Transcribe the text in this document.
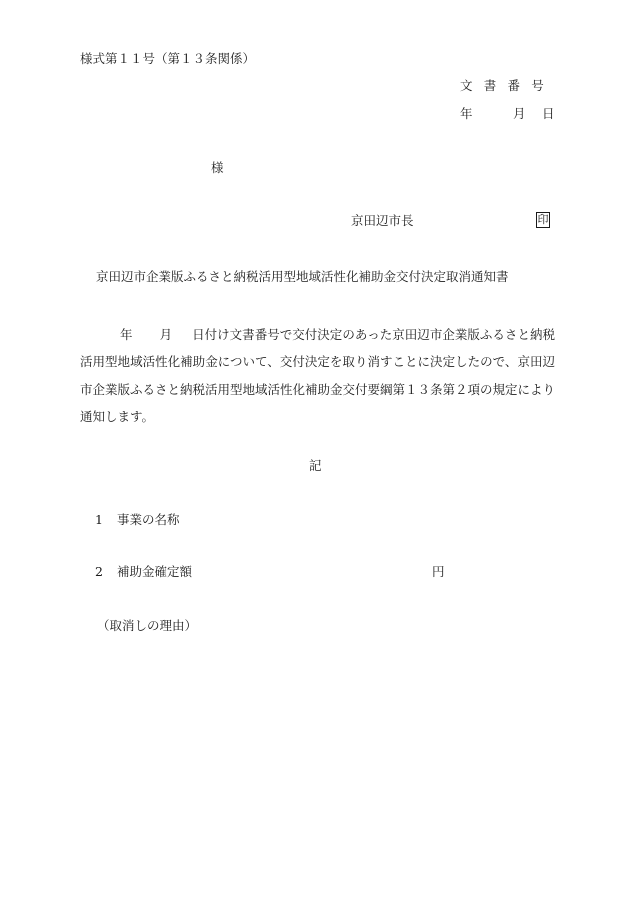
様式第１１号（第１３条関係）
文書番号
年	月 日
様
京田辺市長	印
京田辺市企業版ふるさと納税活用型地域活性化補助金交付決定取消通知書
年 月 日付け文書番号で交付決定のあった京田辺市企業版ふるさと納税活用型地域活性化補助金について、交付決定を取り消すことに決定したので、京田辺市企業版ふるさと納税活用型地域活性化補助金交付要綱第１３条第２項の規定により通知します。
記
1 事業の名称
2 補助金確定額	円
（取消しの理由）
